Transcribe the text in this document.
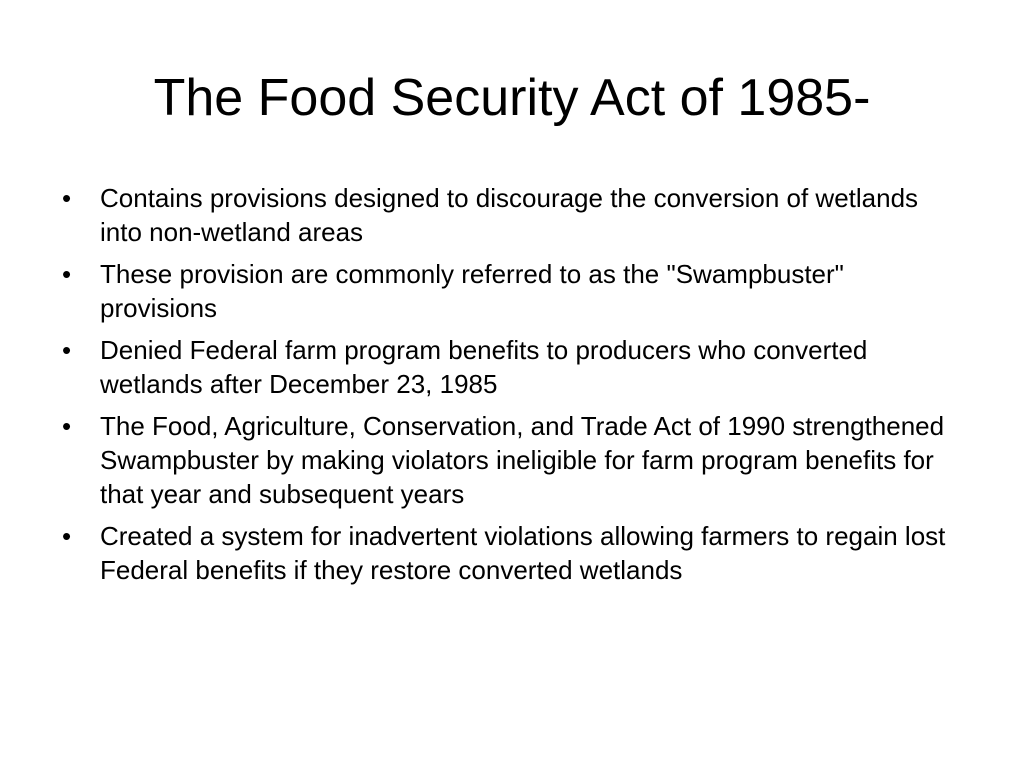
The Food Security Act of 1985-
• Contains provisions designed to discourage the conversion of wetlands into non-wetland areas
• These provision are commonly referred to as the "Swampbuster" provisions
• Denied Federal farm program benefits to producers who converted wetlands after December 23, 1985
• The Food, Agriculture, Conservation, and Trade Act of 1990 strengthened Swampbuster by making violators ineligible for farm program benefits for that year and subsequent years
• Created a system for inadvertent violations allowing farmers to regain lost Federal benefits if they restore converted wetlands
